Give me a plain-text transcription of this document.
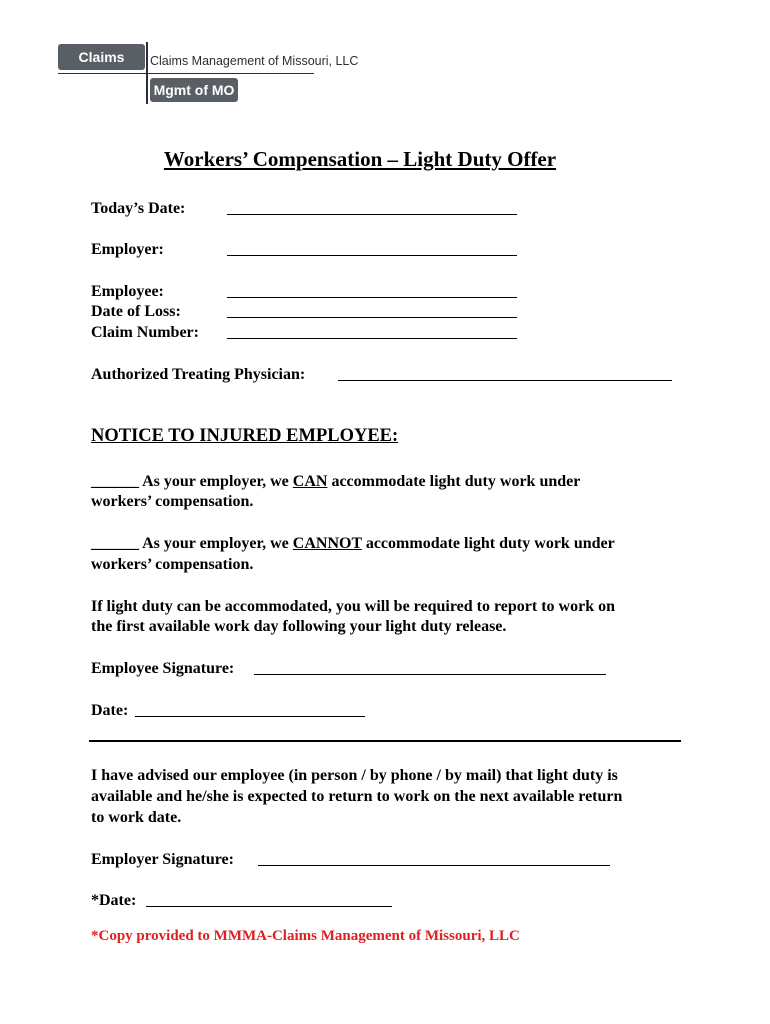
Claims	Claims Management of Missouri, LLC
Mgmt of MO
Workers’ Compensation – Light Duty Offer
Today’s Date:
Employer:
Employee:
Date of Loss:
Claim Number:
Authorized Treating Physician:
NOTICE TO INJURED EMPLOYEE:
______ As your employer, we CAN accommodate light duty work under
workers’ compensation.
______ As your employer, we CANNOT accommodate light duty work under
workers’ compensation.
If light duty can be accommodated, you will be required to report to work on
the first available work day following your light duty release.
Employee Signature:
Date:
I have advised our employee (in person / by phone / by mail) that light duty is
available and he/she is expected to return to work on the next available return
to work date.
Employer Signature:
*Date:
*Copy provided to MMMA-Claims Management of Missouri, LLC
